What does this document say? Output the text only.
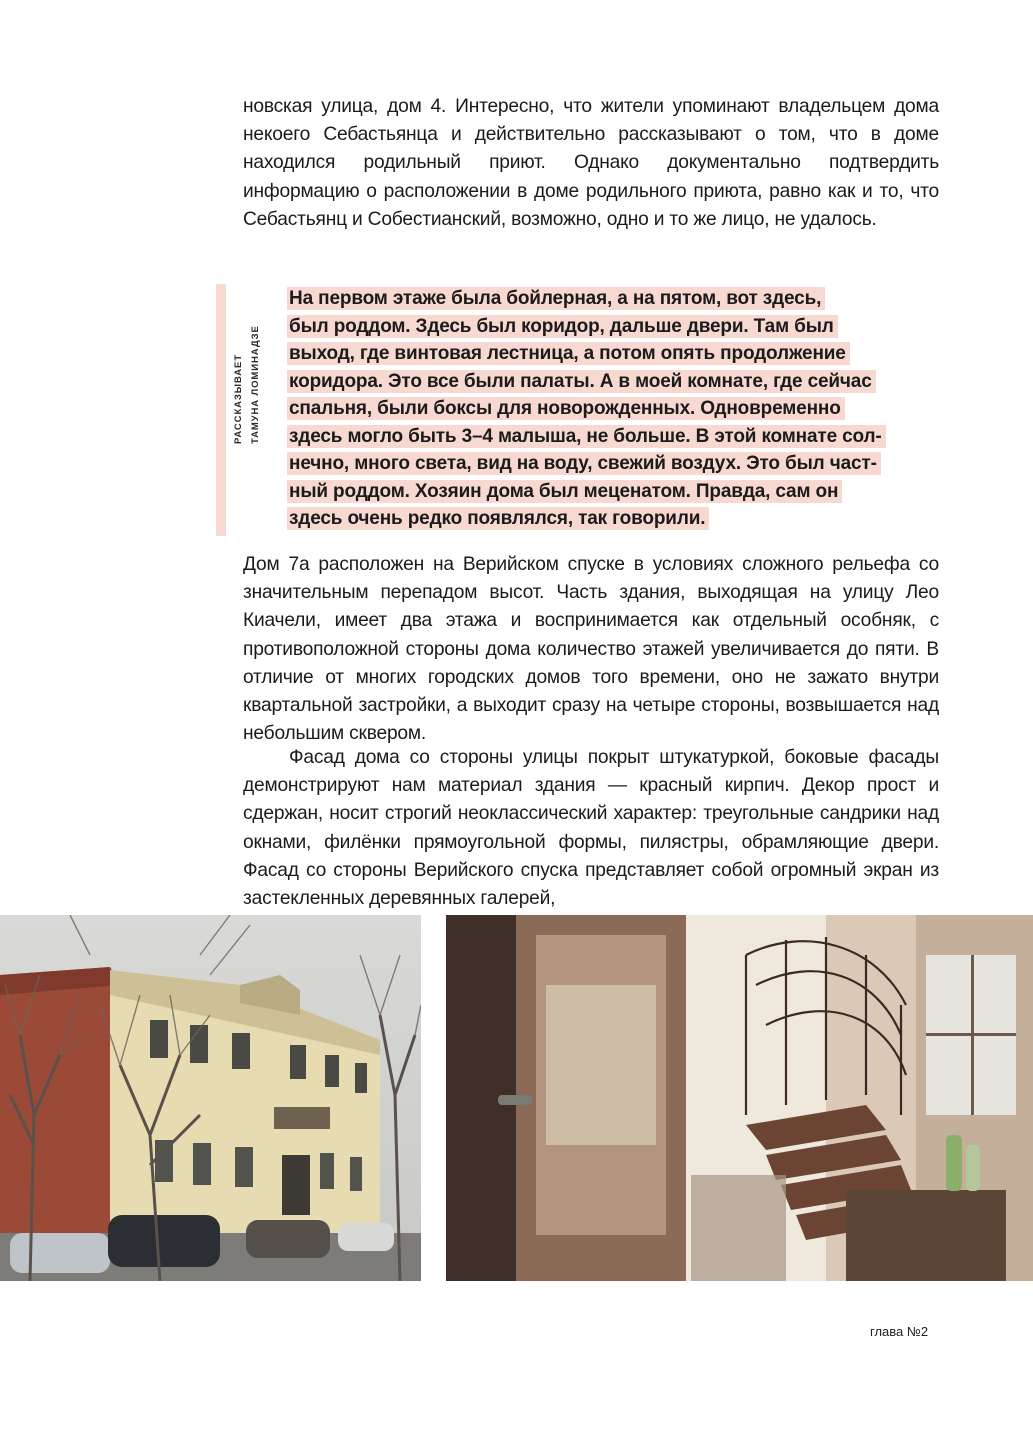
новская улица, дом 4. Интересно, что жители упоминают владельцем дома некоего Себастьянца и действительно рассказывают о том, что в доме находился родильный приют. Однако документально подтвердить информацию о расположении в доме родильного приюта, равно как и то, что Себастьянц и Собестианский, возможно, одно и то же лицо, не удалось.

РАССКАЗЫВАЕТ ТАМУНА ЛОМИНАДЗЕ

На первом этаже была бойлерная, а на пятом, вот здесь,
был роддом. Здесь был коридор, дальше двери. Там был
выход, где винтовая лестница, а потом опять продолжение
коридора. Это все были палаты. А в моей комнате, где сейчас
спальня, были боксы для новорожденных. Одновременно
здесь могло быть 3–4 малыша, не больше. В этой комнате сол-
нечно, много света, вид на воду, свежий воздух. Это был част-
ный роддом. Хозяин дома был меценатом. Правда, сам он
здесь очень редко появлялся, так говорили.

Дом 7а расположен на Верийском спуске в условиях сложного рельефа со значительным перепадом высот. Часть здания, выходящая на улицу Лео Киачели, имеет два этажа и воспринимается как отдельный особняк, с противоположной стороны дома количество этажей увеличивается до пяти. В отличие от многих городских домов того времени, оно не зажато внутри квартальной застройки, а выходит сразу на четыре стороны, возвышается над небольшим сквером.

Фасад дома со стороны улицы покрыт штукатуркой, боковые фасады демонстрируют нам материал здания — красный кирпич. Декор прост и сдержан, носит строгий неоклассический характер: треугольные сандрики над окнами, филёнки прямоугольной формы, пилястры, обрамляющие двери. Фасад со стороны Верийского спуска представляет собой огромный экран из застекленных деревянных галерей,

глава №2
